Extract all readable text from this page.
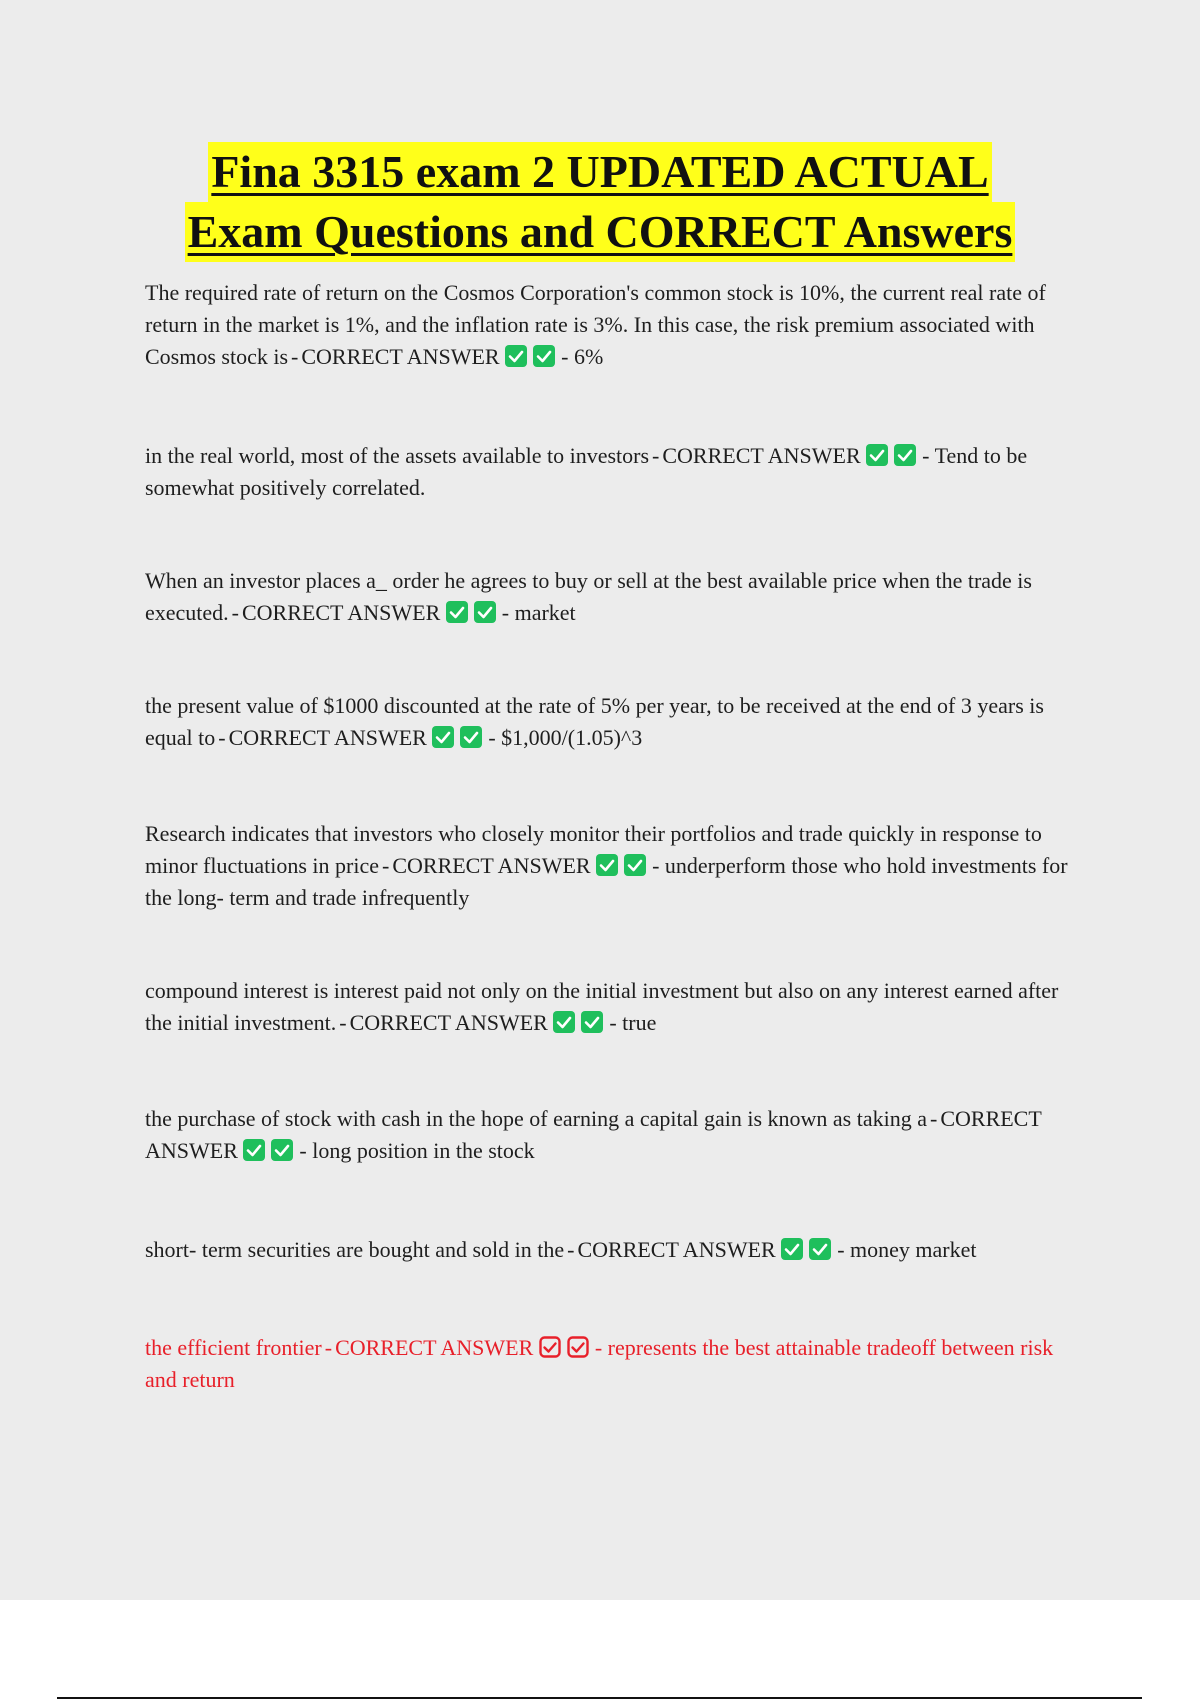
Fina 3315 exam 2 UPDATED ACTUAL
Exam Questions and CORRECT Answers
The required rate of return on the Cosmos Corporation's common stock is 10%, the current real rate of return in the market is 1%, and the inflation rate is 3%. In this case, the risk premium associated with Cosmos stock is - CORRECT ANSWER	- 6%
in the real world, most of the assets available to investors - CORRECT ANSWER	- Tend to be somewhat positively correlated.
When an investor places a_ order he agrees to buy or sell at the best available price when the trade is executed. - CORRECT ANSWER	- market
the present value of $1000 discounted at the rate of 5% per year, to be received at the end of 3 years is equal to - CORRECT ANSWER	- $1,000/(1.05)^3
Research indicates that investors who closely monitor their portfolios and trade quickly in response to minor fluctuations in price - CORRECT ANSWER	- underperform those who hold investments for the long- term and trade infrequently
compound interest is interest paid not only on the initial investment but also on any interest earned after the initial investment. - CORRECT ANSWER	- true
the purchase of stock with cash in the hope of earning a capital gain is known as taking a - CORRECT ANSWER	- long position in the stock
short- term securities are bought and sold in the - CORRECT ANSWER	- money market
the efficient frontier - CORRECT ANSWER	- represents the best attainable tradeoff between risk and return
